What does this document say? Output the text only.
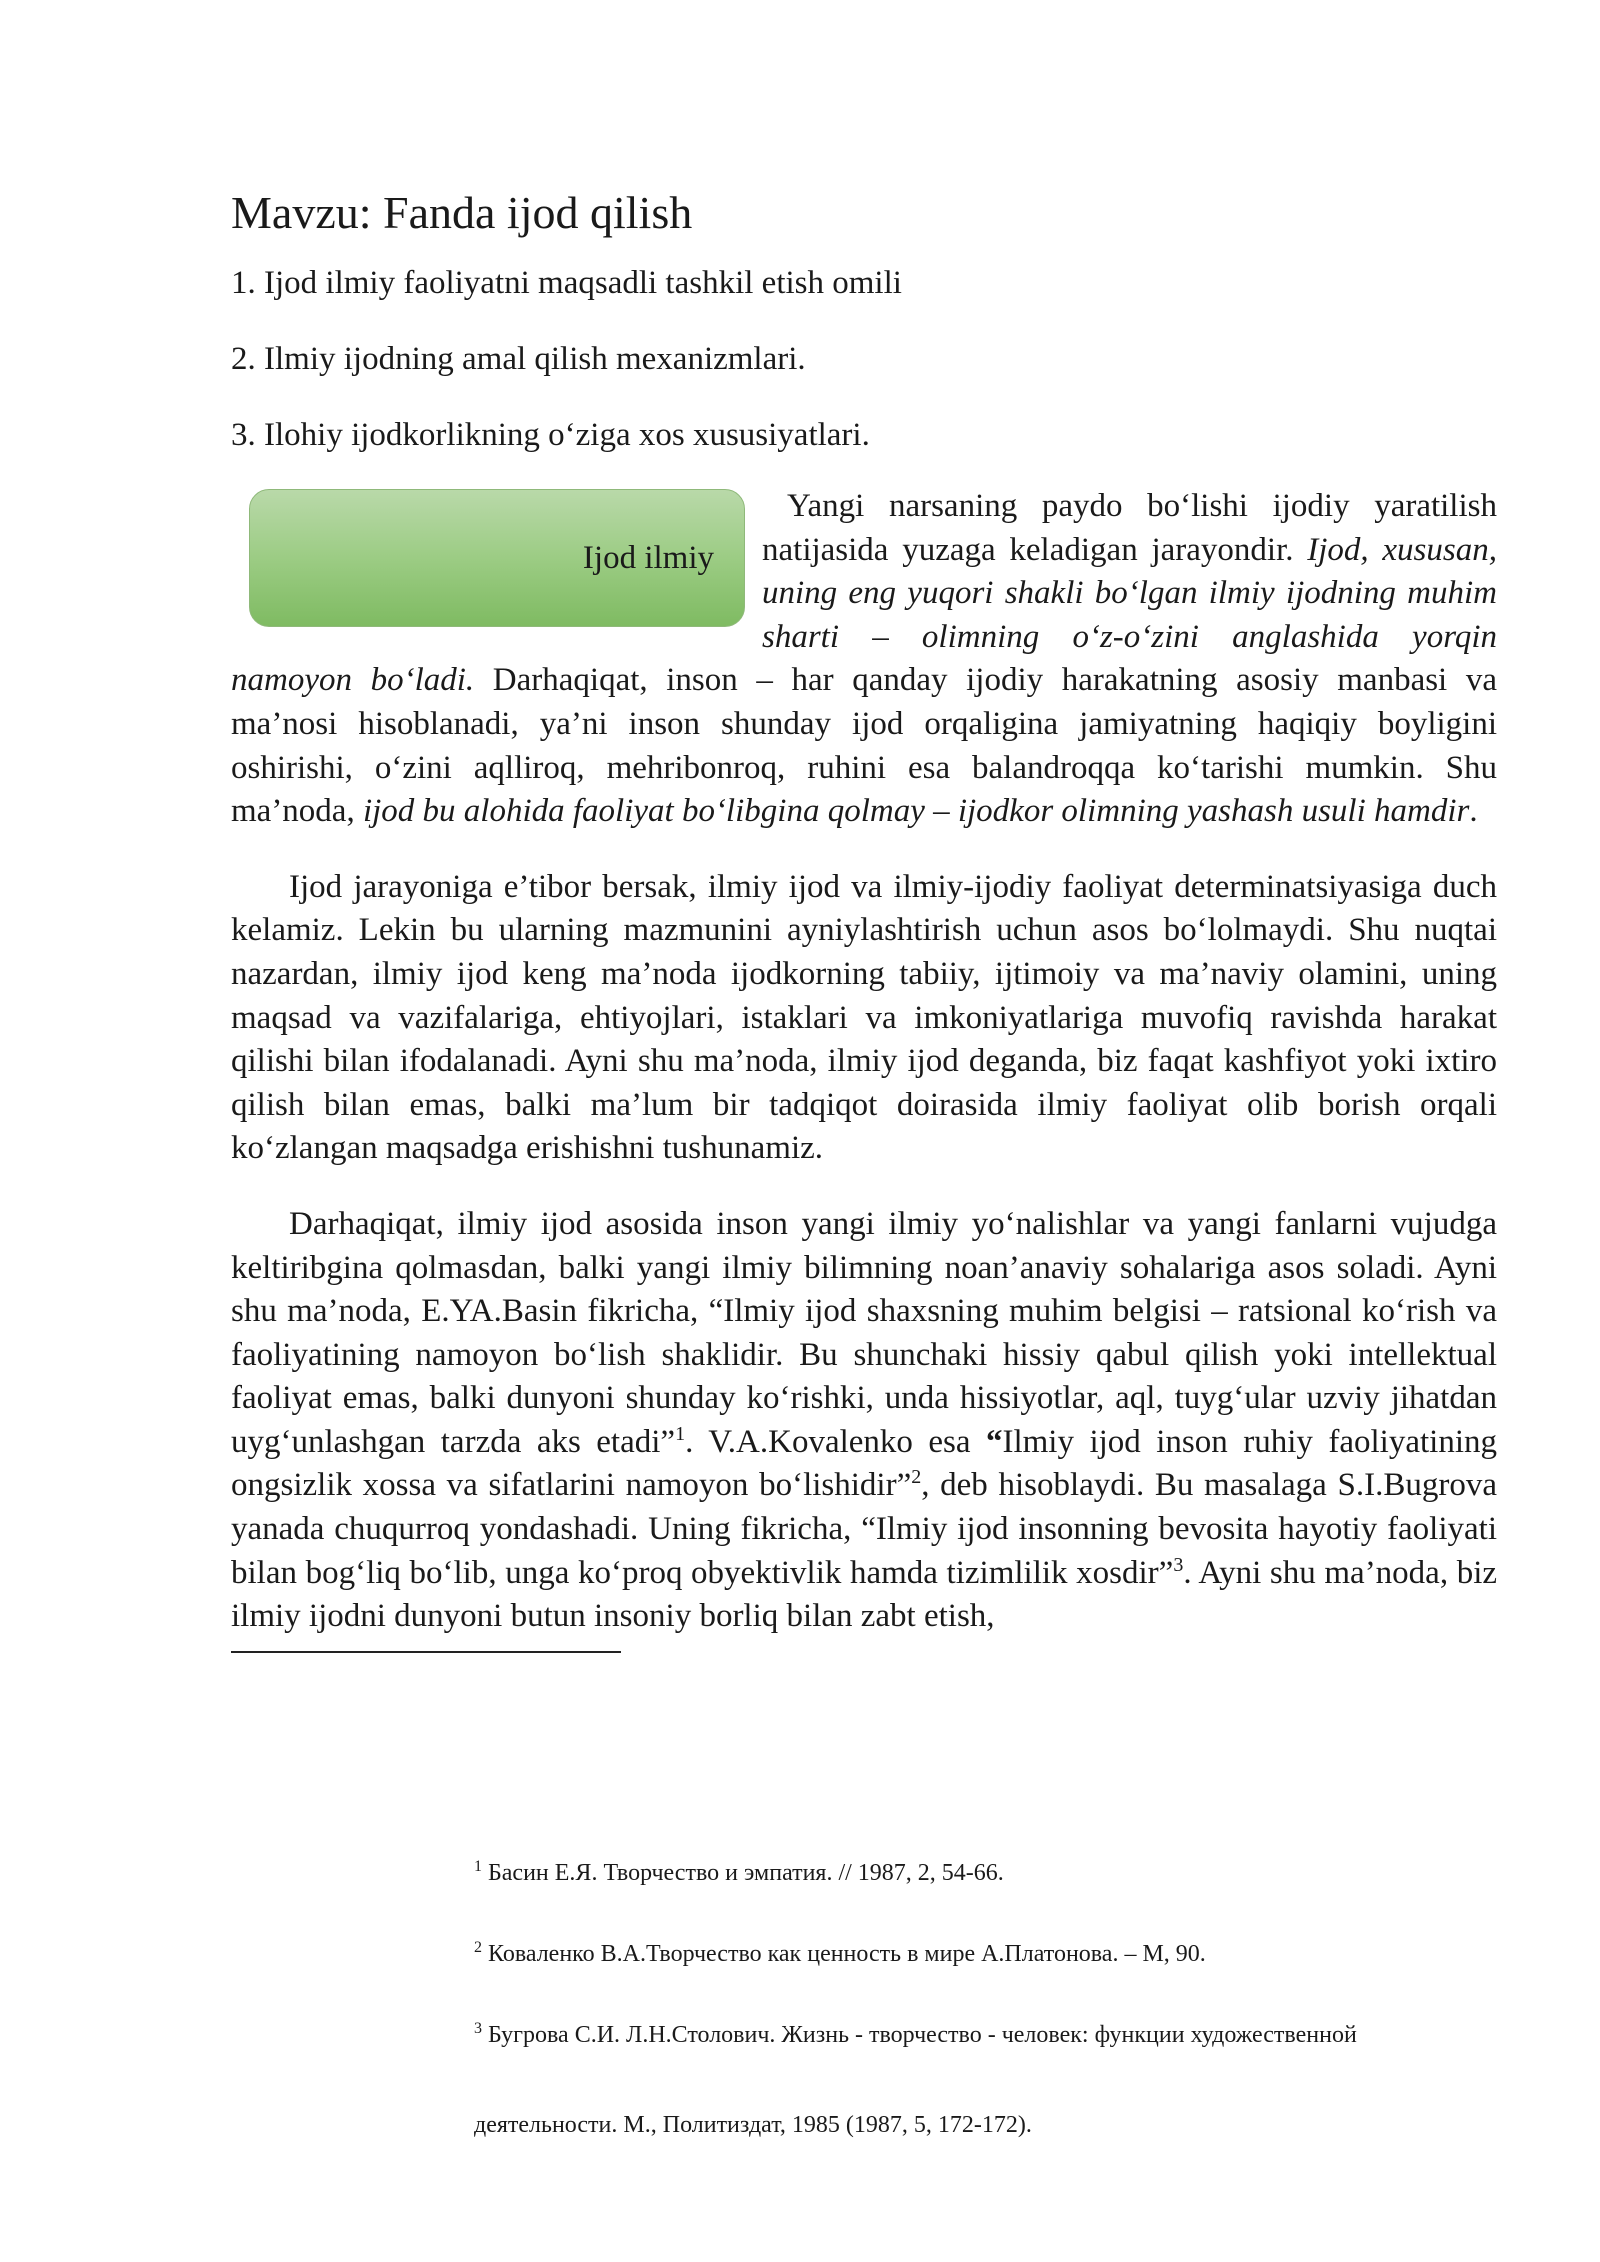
Mavzu: Fanda ijod qilish

1. Ijod ilmiy faoliyatni maqsadli tashkil etish omili

2. Ilmiy ijodning amal qilish mexanizmlari.

3. Ilohiy ijodkorlikning o‘ziga xos xususiyatlari.

Ijod ilmiy
Yangi narsaning paydo bo‘lishi ijodiy yaratilish natijasida yuzaga keladigan jarayondir. Ijod, xususan, uning eng yuqori shakli bo‘lgan ilmiy ijodning muhim sharti – olimning o‘z-o‘zini anglashida yorqin namoyon bo‘ladi. Darhaqiqat, inson – har qanday ijodiy harakatning asosiy manbasi va ma’nosi hisoblanadi, ya’ni inson shunday ijod orqaligina jamiyatning haqiqiy boyligini oshirishi, o‘zini aqlliroq, mehribonroq, ruhini esa balandroqqa ko‘tarishi mumkin. Shu ma’noda, ijod bu alohida faoliyat bo‘libgina qolmay – ijodkor olimning yashash usuli hamdir.

Ijod jarayoniga e’tibor bersak, ilmiy ijod va ilmiy-ijodiy faoliyat determinatsiyasiga duch kelamiz. Lekin bu ularning mazmunini ayniylashtirish uchun asos bo‘lolmaydi. Shu nuqtai nazardan, ilmiy ijod keng ma’noda ijodkorning tabiiy, ijtimoiy va ma’naviy olamini, uning maqsad va vazifalariga, ehtiyojlari, istaklari va imkoniyatlariga muvofiq ravishda harakat qilishi bilan ifodalanadi. Ayni shu ma’noda, ilmiy ijod deganda, biz faqat kashfiyot yoki ixtiro qilish bilan emas, balki ma’lum bir tadqiqot doirasida ilmiy faoliyat olib borish orqali ko‘zlangan maqsadga erishishni tushunamiz.

Darhaqiqat, ilmiy ijod asosida inson yangi ilmiy yo‘nalishlar va yangi fanlarni vujudga keltiribgina qolmasdan, balki yangi ilmiy bilimning noan’anaviy sohalariga asos soladi. Ayni shu ma’noda, E.YA.Basin fikricha, “Ilmiy ijod shaxsning muhim belgisi – ratsional ko‘rish va faoliyatining namoyon bo‘lish shaklidir. Bu shunchaki hissiy qabul qilish yoki intellektual faoliyat emas, balki dunyoni shunday ko‘rishki, unda hissiyotlar, aql, tuyg‘ular uzviy jihatdan uyg‘unlashgan tarzda aks etadi”$^1$. V.A.Kovalenko esa “Ilmiy ijod inson ruhiy faoliyatining ongsizlik xossa va sifatlarini namoyon bo‘lishidir”$^2$, deb hisoblaydi. Bu masalaga S.I.Bugrova yanada chuqurroq yondashadi. Uning fikricha, “Ilmiy ijod insonning bevosita hayotiy faoliyati bilan bog‘liq bo‘lib, unga ko‘proq obyektivlik hamda tizimlilik xosdir”$^3$. Ayni shu ma’noda, biz ilmiy ijodni dunyoni butun insoniy borliq bilan zabt etish,

$^1$ Басин Е.Я. Творчество и эмпатия. // 1987, 2, 54-66.

$^2$ Коваленко В.А.Творчество как ценность в мире А.Платонова. – М, 90.

$^3$ Бугрова С.И. Л.Н.Столович. Жизнь - творчество - человек: функции художественной

деятельности. М., Политиздат, 1985 (1987, 5, 172-172).
